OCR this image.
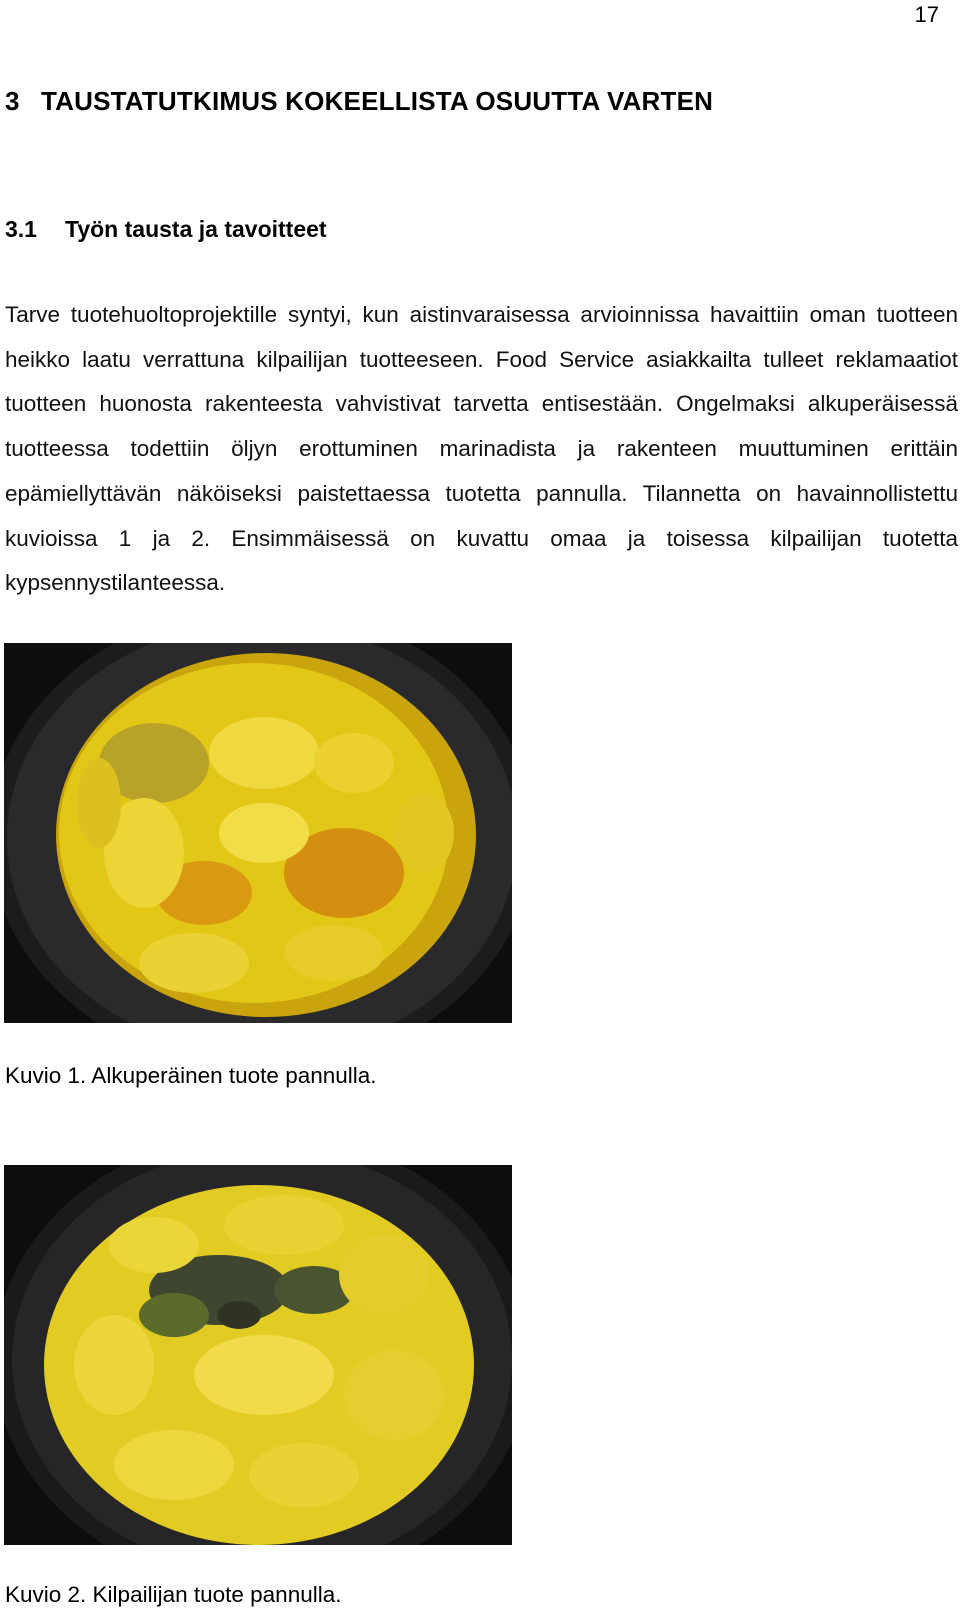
17
3 TAUSTATUTKIMUS KOKEELLISTA OSUUTTA VARTEN
3.1 Työn tausta ja tavoitteet

Tarve tuotehuoltoprojektille syntyi, kun aistinvaraisessa arvioinnissa havaittiin oman tuotteen heikko laatu verrattuna kilpailijan tuotteeseen. Food Service asiakkailta tulleet reklamaatiot tuotteen huonosta rakenteesta vahvistivat tarvetta entisestään. Ongelmaksi alkuperäisessä tuotteessa todettiin öljyn erottuminen marinadista ja rakenteen muuttuminen erittäin epämiellyttävän näköiseksi paistettaessa tuotetta pannulla. Tilannetta on havainnollistettu kuvioissa 1 ja 2. Ensimmäisessä on kuvattu omaa ja toisessa kilpailijan tuotetta kypsennystilanteessa.

Kuvio 1. Alkuperäinen tuote pannulla.

Kuvio 2. Kilpailijan tuote pannulla.
